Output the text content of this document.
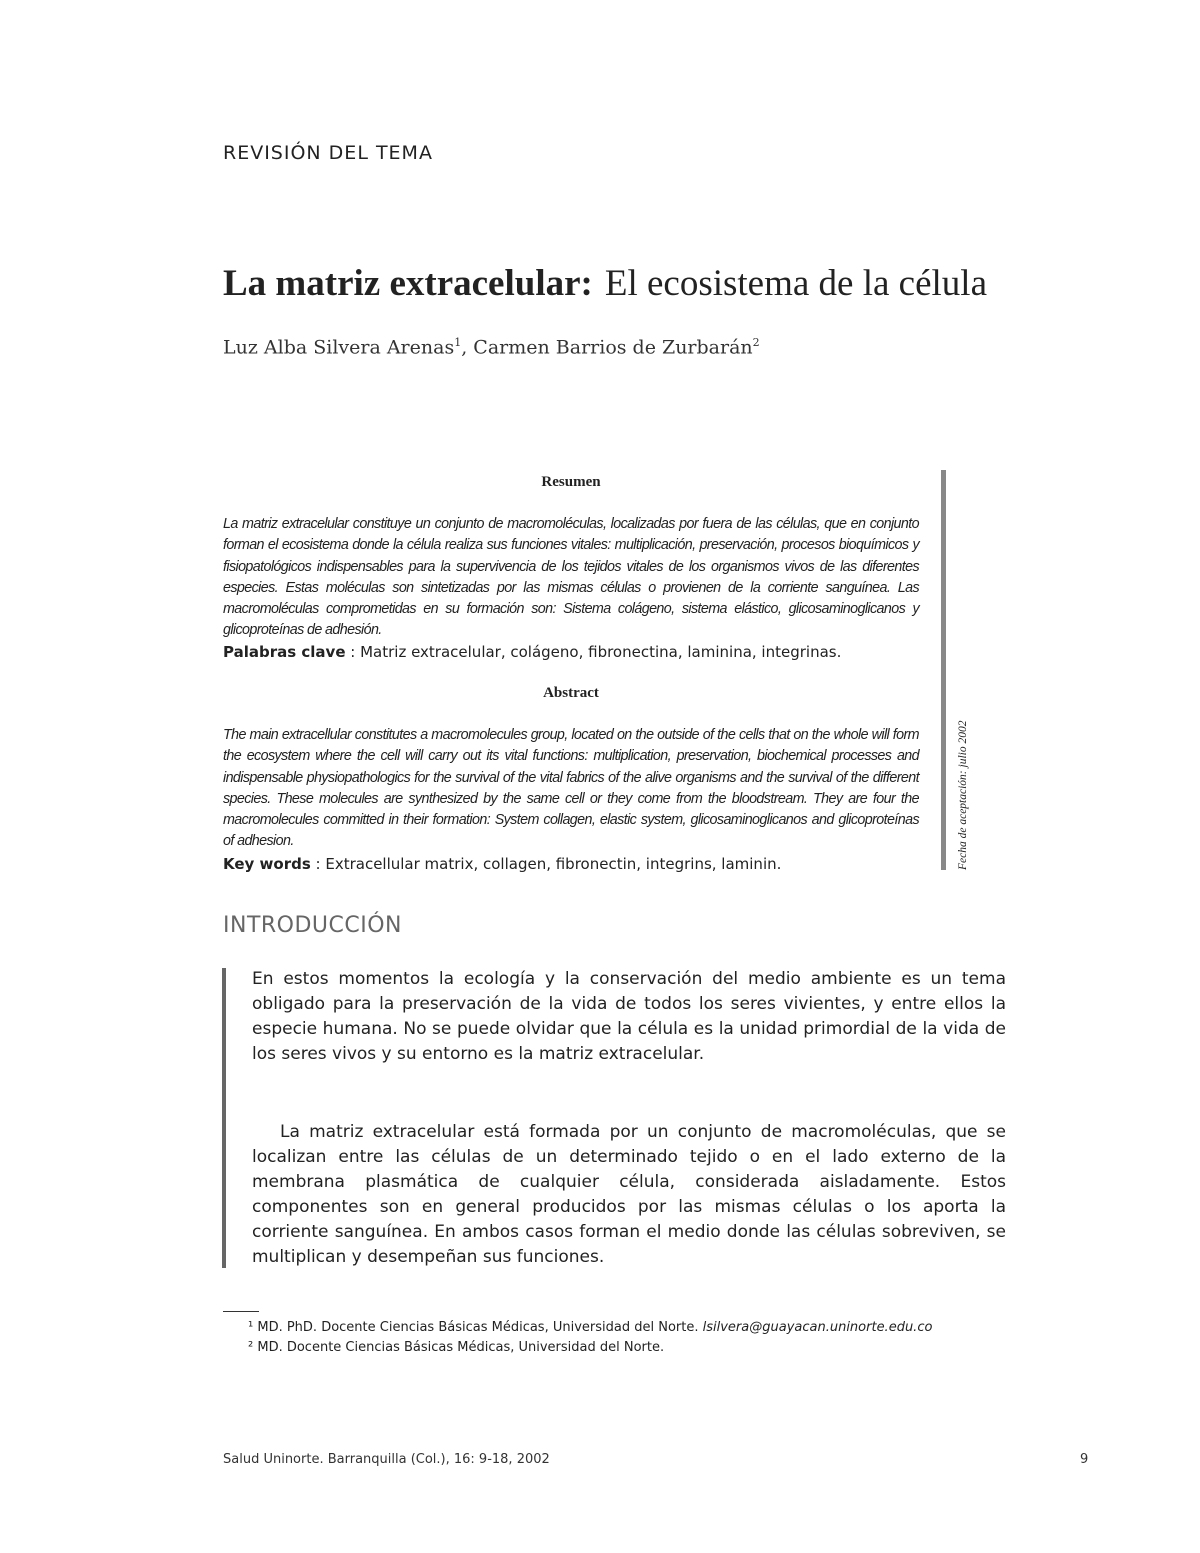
REVISIÓN DEL TEMA
La matriz extracelular: El ecosistema de la célula
Luz Alba Silvera Arenas$^1$, Carmen Barrios de Zurbarán$^2$
Resumen
La matriz extracelular constituye un conjunto de macromoléculas, localizadas por fuera de las células, que en conjunto forman el ecosistema donde la célula realiza sus funciones vitales: multiplicación, preservación, procesos bioquímicos y fisiopatológicos indispensables para la supervivencia de los tejidos vitales de los organismos vivos de las diferentes especies. Estas moléculas son sintetizadas por las mismas células o provienen de la corriente sanguínea. Las macromoléculas comprometidas en su formación son: Sistema colágeno, sistema elástico, glicosaminoglicanos y glicoproteínas de adhesión.
Palabras clave : Matriz extracelular, colágeno, fibronectina, laminina, integrinas.
Abstract
The main extracellular constitutes a macromolecules group, located on the outside of the cells that on the whole will form the ecosystem where the cell will carry out its vital functions: multiplication, preservation, biochemical processes and indispensable physiopathologics for the survival of the vital fabrics of the alive organisms and the survival of the different species. These molecules are synthesized by the same cell or they come from the bloodstream. They are four the macromolecules committed in their formation: System collagen, elastic system, glicosaminoglicanos and glicoproteínas of adhesion.
Key words : Extracellular matrix, collagen, fibronectin, integrins, laminin.	Fecha de aceptación: julio 2002
INTRODUCCIÓN
En estos momentos la ecología y la conservación del medio ambiente es un tema obligado para la preservación de la vida de todos los seres vivientes, y entre ellos la especie humana. No se puede olvidar que la célula es la unidad primordial de la vida de los seres vivos y su entorno es la matriz extracelular.
La matriz extracelular está formada por un conjunto de macromoléculas, que se localizan entre las células de un determinado tejido o en el lado externo de la membrana plasmática de cualquier célula, considerada aisladamente. Estos componentes son en general producidos por las mismas células o los aporta la corriente sanguínea. En ambos casos forman el medio donde las células sobreviven, se multiplican y desempeñan sus funciones.
¹ MD. PhD. Docente Ciencias Básicas Médicas, Universidad del Norte. lsilvera@guayacan.uninorte.edu.co
² MD. Docente Ciencias Básicas Médicas, Universidad del Norte.
Salud Uninorte. Barranquilla (Col.), 16: 9-18, 2002	9
